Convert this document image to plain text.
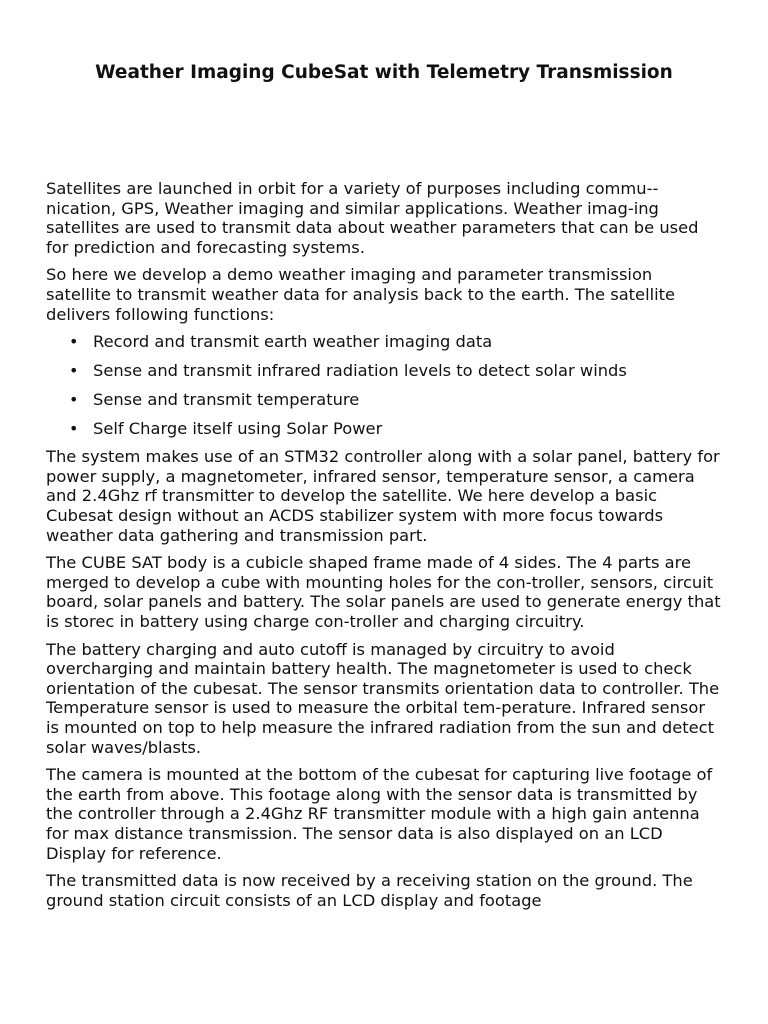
Weather Imaging CubeSat with Telemetry Transmission

Satellites are launched in orbit for a variety of purposes including commu-nication, GPS, Weather imaging and similar applications. Weather imag-ing satellites are used to transmit data about weather parameters that can be used for prediction and forecasting systems.

So here we develop a demo weather imaging and parameter transmission satellite to transmit weather data for analysis back to the earth. The satellite delivers following functions:

• Record and transmit earth weather imaging data
• Sense and transmit infrared radiation levels to detect solar winds
• Sense and transmit temperature
• Self Charge itself using Solar Power

The system makes use of an STM32 controller along with a solar panel, battery for power supply, a magnetometer, infrared sensor, temperature sensor, a camera and 2.4Ghz rf transmitter to develop the satellite. We here develop a basic Cubesat design without an ACDS stabilizer system with more focus towards weather data gathering and transmission part.

The CUBE SAT body is a cubicle shaped frame made of 4 sides. The 4 parts are merged to develop a cube with mounting holes for the con-troller, sensors, circuit board, solar panels and battery. The solar panels are used to generate energy that is storec in battery using charge con-troller and charging circuitry.

The battery charging and auto cutoff is managed by circuitry to avoid overcharging and maintain battery health. The magnetometer is used to check orientation of the cubesat. The sensor transmits orientation data to controller. The Temperature sensor is used to measure the orbital tem-perature. Infrared sensor is mounted on top to help measure the infrared radiation from the sun and detect solar waves/blasts.

The camera is mounted at the bottom of the cubesat for capturing live footage of the earth from above. This footage along with the sensor data is transmitted by the controller through a 2.4Ghz RF transmitter module with a high gain antenna for max distance transmission. The sensor data is also displayed on an LCD Display for reference.

The transmitted data is now received by a receiving station on the ground. The ground station circuit consists of an LCD display and footage
